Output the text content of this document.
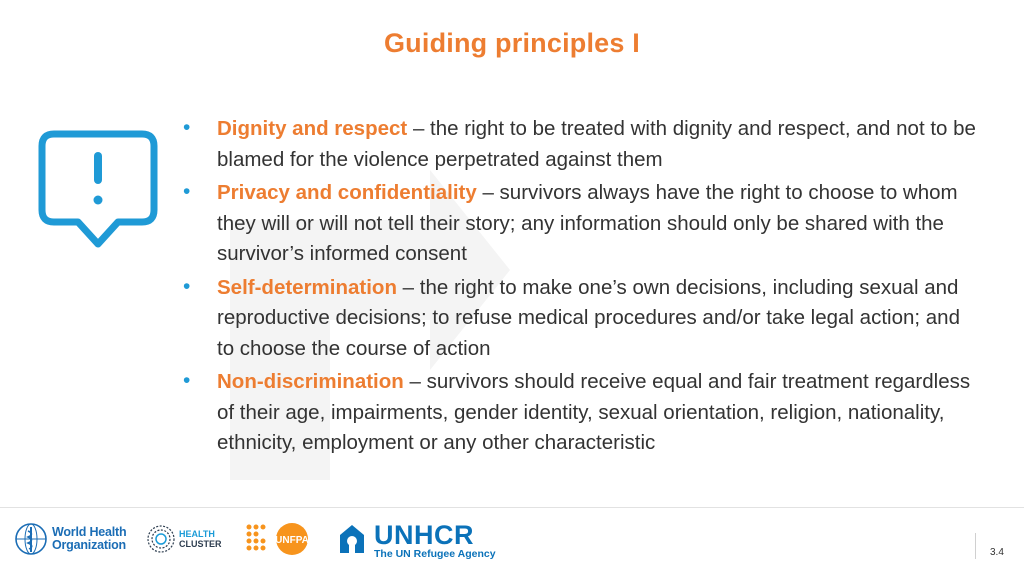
Guiding principles I
• Dignity and respect – the right to be treated with dignity and respect, and not to be blamed for the violence perpetrated against them
• Privacy and confidentiality – survivors always have the right to choose to whom they will or will not tell their story; any information should only be shared with the survivor’s informed consent
• Self-determination – the right to make one’s own decisions, including sexual and reproductive decisions; to refuse medical procedures and/or take legal action; and to choose the course of action
• Non-discrimination – survivors should receive equal and fair treatment regardless of their age, impairments, gender identity, sexual orientation, religion, nationality, ethnicity, employment or any other characteristic
World Health
Organization
HEALTH
CLUSTER	UNFPA UNHCR
The UN Refugee Agency	3.4
